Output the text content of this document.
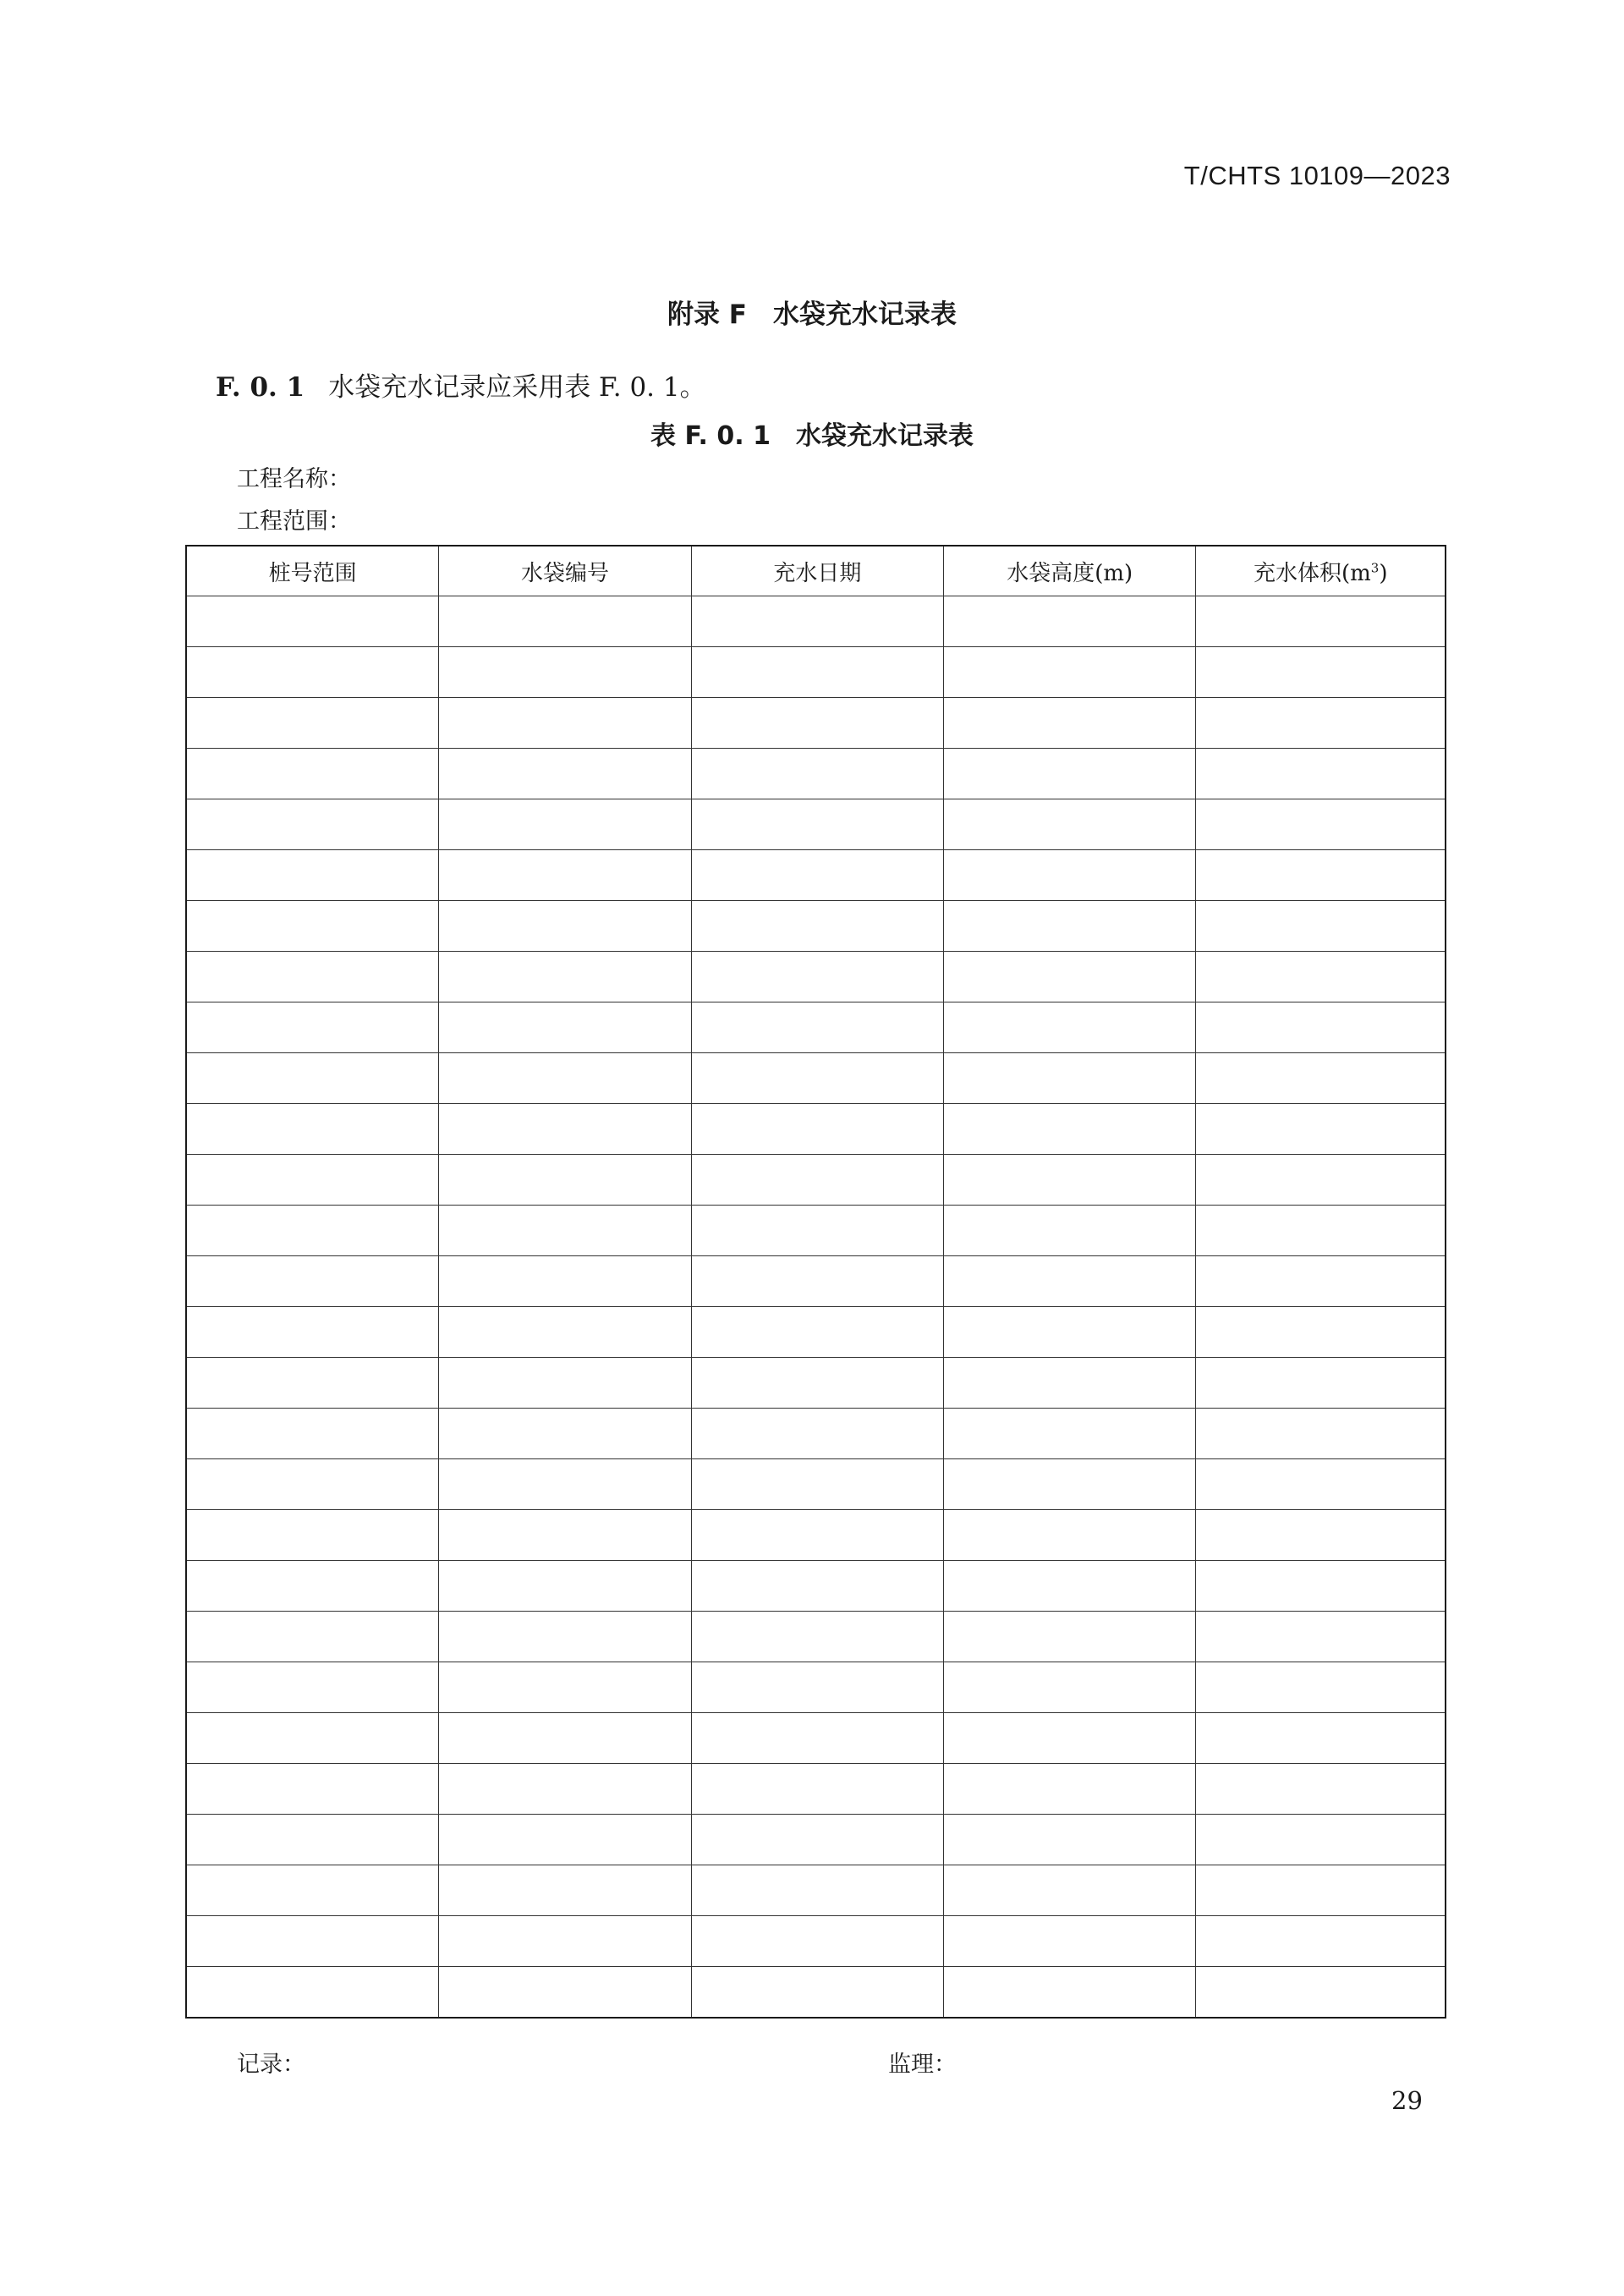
T/CHTS 10109—2023
附录 F　水袋充水记录表
F. 0. 1 水袋充水记录应采用表 F. 0. 1。
表 F. 0. 1　水袋充水记录表
工程名称：
工程范围：
桩号范围	水袋编号	充水日期	水袋高度(m)	充水体积$(m^3)$

记录：	监理：
29
